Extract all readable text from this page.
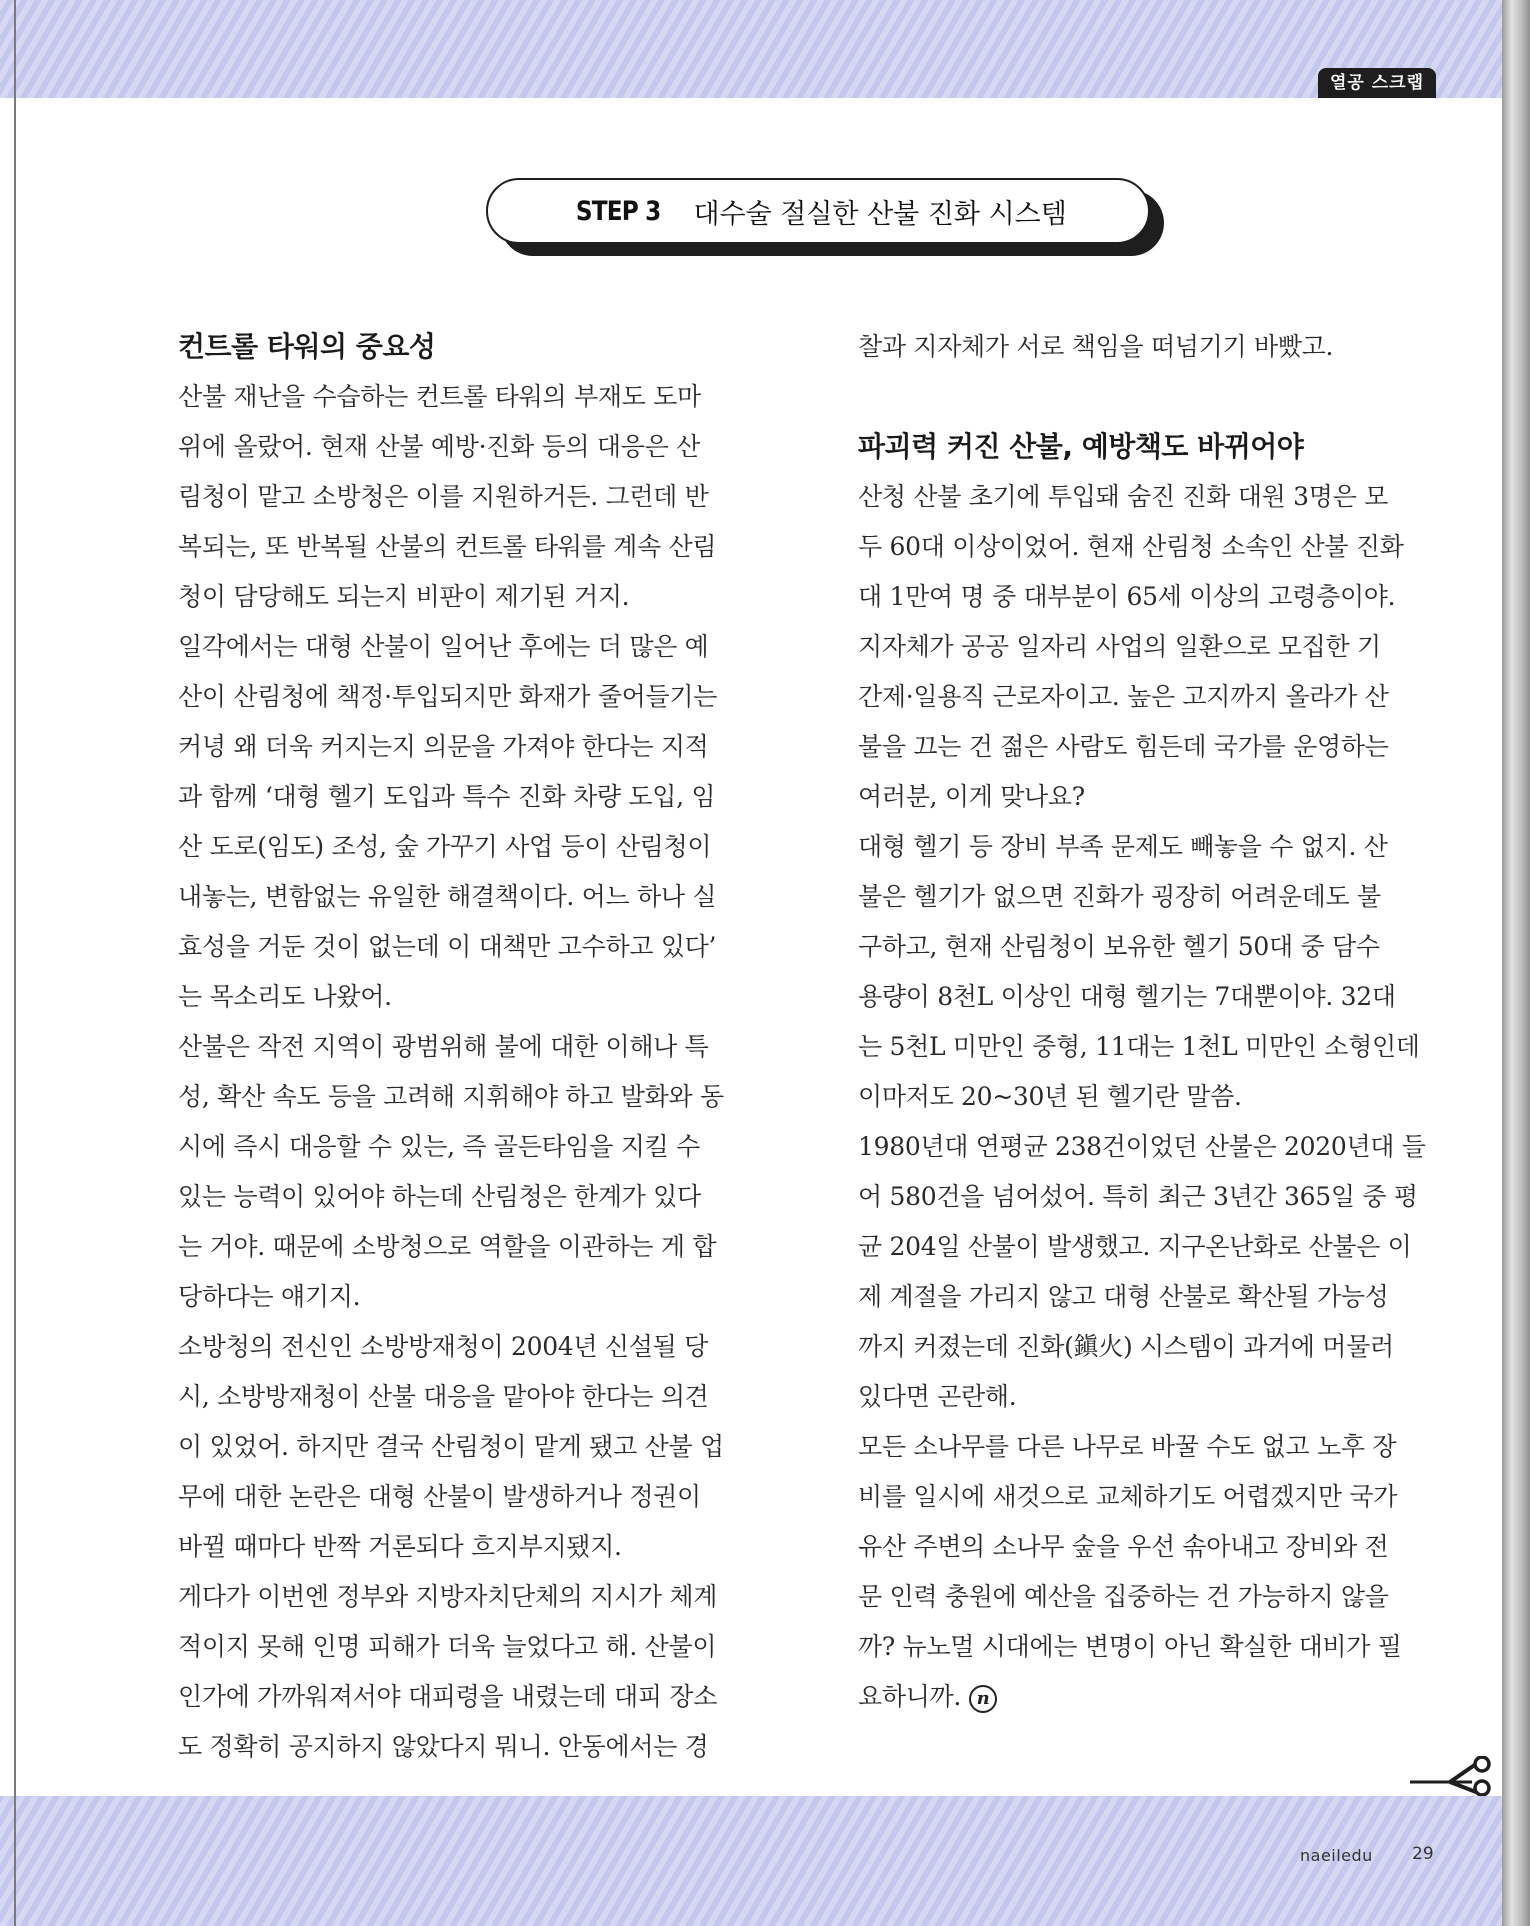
열공 스크랩
STEP 3 대수술 절실한 산불 진화 시스템
컨트롤 타워의 중요성
산불 재난을 수습하는 컨트롤 타워의 부재도 도마
위에 올랐어. 현재 산불 예방·진화 등의 대응은 산
림청이 맡고 소방청은 이를 지원하거든. 그런데 반
복되는, 또 반복될 산불의 컨트롤 타워를 계속 산림
청이 담당해도 되는지 비판이 제기된 거지.
일각에서는 대형 산불이 일어난 후에는 더 많은 예
산이 산림청에 책정·투입되지만 화재가 줄어들기는
커녕 왜 더욱 커지는지 의문을 가져야 한다는 지적
과 함께 ‘대형 헬기 도입과 특수 진화 차량 도입, 임
산 도로(임도) 조성, 숲 가꾸기 사업 등이 산림청이
내놓는, 변함없는 유일한 해결책이다. 어느 하나 실
효성을 거둔 것이 없는데 이 대책만 고수하고 있다’
는 목소리도 나왔어.
산불은 작전 지역이 광범위해 불에 대한 이해나 특
성, 확산 속도 등을 고려해 지휘해야 하고 발화와 동
시에 즉시 대응할 수 있는, 즉 골든타임을 지킬 수
있는 능력이 있어야 하는데 산림청은 한계가 있다
는 거야. 때문에 소방청으로 역할을 이관하는 게 합
당하다는 얘기지.
소방청의 전신인 소방방재청이 2004년 신설될 당
시, 소방방재청이 산불 대응을 맡아야 한다는 의견
이 있었어. 하지만 결국 산림청이 맡게 됐고 산불 업
무에 대한 논란은 대형 산불이 발생하거나 정권이
바뀔 때마다 반짝 거론되다 흐지부지됐지.
게다가 이번엔 정부와 지방자치단체의 지시가 체계
적이지 못해 인명 피해가 더욱 늘었다고 해. 산불이
인가에 가까워져서야 대피령을 내렸는데 대피 장소
도 정확히 공지하지 않았다지 뭐니. 안동에서는 경
찰과 지자체가 서로 책임을 떠넘기기 바빴고.
파괴력 커진 산불, 예방책도 바뀌어야
산청 산불 초기에 투입돼 숨진 진화 대원 3명은 모
두 60대 이상이었어. 현재 산림청 소속인 산불 진화
대 1만여 명 중 대부분이 65세 이상의 고령층이야.
지자체가 공공 일자리 사업의 일환으로 모집한 기
간제·일용직 근로자이고. 높은 고지까지 올라가 산
불을 끄는 건 젊은 사람도 힘든데 국가를 운영하는
여러분, 이게 맞나요?
대형 헬기 등 장비 부족 문제도 빼놓을 수 없지. 산
불은 헬기가 없으면 진화가 굉장히 어려운데도 불
구하고, 현재 산림청이 보유한 헬기 50대 중 담수
용량이 8천L 이상인 대형 헬기는 7대뿐이야. 32대
는 5천L 미만인 중형, 11대는 1천L 미만인 소형인데
이마저도 20~30년 된 헬기란 말씀.
1980년대 연평균 238건이었던 산불은 2020년대 들
어 580건을 넘어섰어. 특히 최근 3년간 365일 중 평
균 204일 산불이 발생했고. 지구온난화로 산불은 이
제 계절을 가리지 않고 대형 산불로 확산될 가능성
까지 커졌는데 진화(鎭火) 시스템이 과거에 머물러
있다면 곤란해.
모든 소나무를 다른 나무로 바꿀 수도 없고 노후 장
비를 일시에 새것으로 교체하기도 어렵겠지만 국가
유산 주변의 소나무 숲을 우선 솎아내고 장비와 전
문 인력 충원에 예산을 집중하는 건 가능하지 않을
까? 뉴노멀 시대에는 변명이 아닌 확실한 대비가 필
요하니까. n
naeiledu 29
